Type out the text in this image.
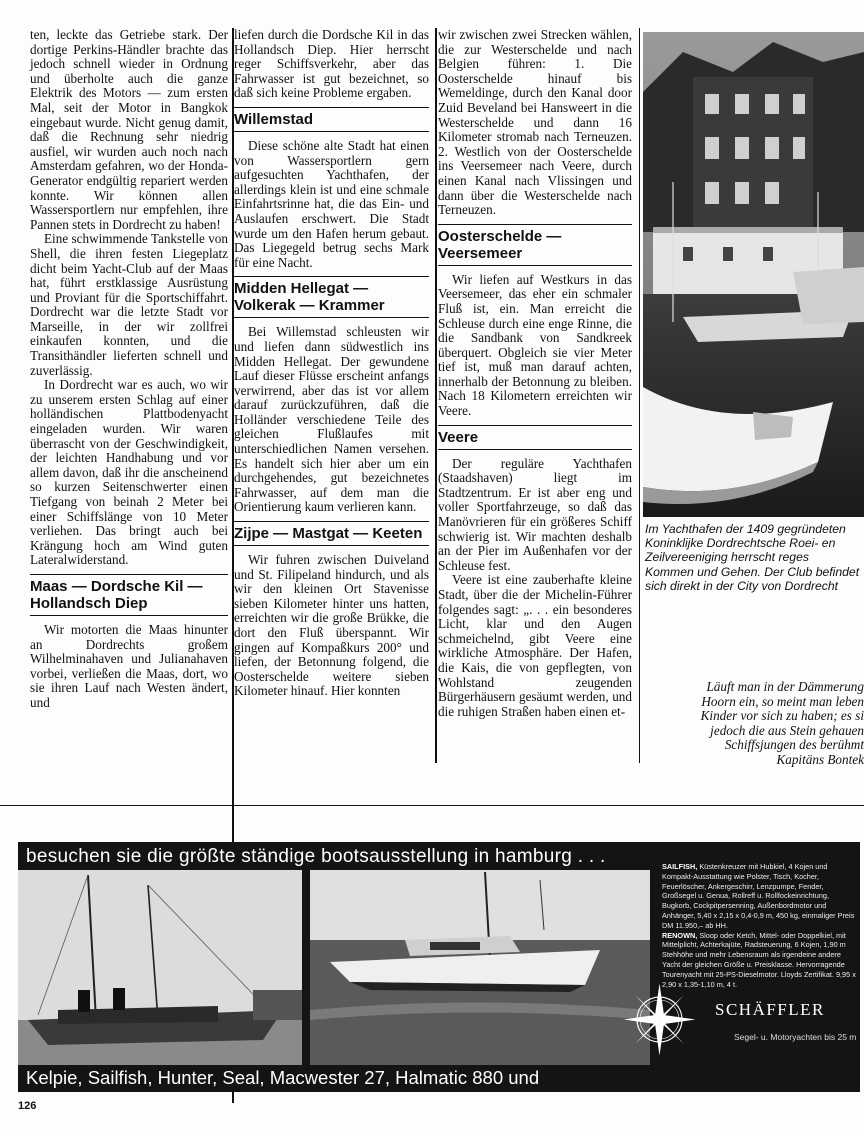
ten, leckte das Getriebe stark. Der dortige Perkins-Händler brachte das jedoch schnell wieder in Ordnung und überholte auch die ganze Elektrik des Motors — zum ersten Mal, seit der Motor in Bangkok eingebaut wurde. Nicht genug damit, daß die Rechnung sehr niedrig ausfiel, wir wurden auch noch nach Amsterdam gefahren, wo der Honda-Generator endgültig repariert werden konnte. Wir können allen Wassersportlern nur empfehlen, ihre Pannen stets in Dordrecht zu haben!

Eine schwimmende Tankstelle von Shell, die ihren festen Liegeplatz dicht beim Yacht-Club auf der Maas hat, führt erstklassige Ausrüstung und Proviant für die Sportschiffahrt. Dordrecht war die letzte Stadt vor Marseille, in der wir zollfrei einkaufen konnten, und die Transithändler lieferten schnell und zuverlässig.

In Dordrecht war es auch, wo wir zu unserem ersten Schlag auf einer holländischen Plattbodenyacht eingeladen wurden. Wir waren überrascht von der Geschwindigkeit, der leichten Handhabung und vor allem davon, daß ihr die anscheinend so kurzen Seitenschwerter einen Tiefgang von beinah 2 Meter bei einer Schiffslänge von 10 Meter verliehen. Das bringt auch bei Krängung hoch am Wind guten Lateralwiderstand.

Maas — Dordsche Kil — Hollandsch Diep

Wir motorten die Maas hinunter an Dordrechts großem Wilhelminahaven und Julianahaven vorbei, verließen die Maas, dort, wo sie ihren Lauf nach Westen ändert, und

liefen durch die Dordsche Kil in das Hollandsch Diep. Hier herrscht reger Schiffsverkehr, aber das Fahrwasser ist gut bezeichnet, so daß sich keine Probleme ergaben.

Willemstad

Diese schöne alte Stadt hat einen von Wassersportlern gern aufgesuchten Yachthafen, der allerdings klein ist und eine schmale Einfahrtsrinne hat, die das Ein- und Auslaufen erschwert. Die Stadt wurde um den Hafen herum gebaut. Das Liegegeld betrug sechs Mark für eine Nacht.

Midden Hellegat — Volkerak — Krammer

Bei Willemstad schleusten wir und liefen dann südwestlich ins Midden Hellegat. Der gewundene Lauf dieser Flüsse erscheint anfangs verwirrend, aber das ist vor allem darauf zurückzuführen, daß die Holländer verschiedene Teile des gleichen Flußlaufes mit unterschiedlichen Namen versehen. Es handelt sich hier aber um ein durchgehendes, gut bezeichnetes Fahrwasser, auf dem man die Orientierung kaum verlieren kann.

Zijpe — Mastgat — Keeten

Wir fuhren zwischen Duiveland und St. Filipeland hindurch, und als wir den kleinen Ort Stavenisse sieben Kilometer hinter uns hatten, erreichten wir die große Brükke, die dort den Fluß überspannt. Wir gingen auf Kompaßkurs 200° und liefen, der Betonnung folgend, die Oosterschelde weitere sieben Kilometer hinauf. Hier konnten

wir zwischen zwei Strecken wählen, die zur Westerschelde und nach Belgien führen: 1. Die Oosterschelde hinauf bis Wemeldinge, durch den Kanal door Zuid Beveland bei Hansweert in die Westerschelde und dann 16 Kilometer stromab nach Terneuzen. 2. Westlich von der Oosterschelde ins Veersemeer nach Veere, durch einen Kanal nach Vlissingen und dann über die Westerschelde nach Terneuzen.

Oosterschelde — Veersemeer

Wir liefen auf Westkurs in das Veersemeer, das eher ein schmaler Fluß ist, ein. Man erreicht die Schleuse durch eine enge Rinne, die die Sandbank von Sandkreek überquert. Obgleich sie vier Meter tief ist, muß man darauf achten, innerhalb der Betonnung zu bleiben. Nach 18 Kilometern erreichten wir Veere.

Veere

Der reguläre Yachthafen (Staadshaven) liegt im Stadtzentrum. Er ist aber eng und voller Sportfahrzeuge, so daß das Manövrieren für ein größeres Schiff schwierig ist. Wir machten deshalb an der Pier im Außenhafen vor der Schleuse fest.

Veere ist eine zauberhafte kleine Stadt, über die der Michelin-Führer folgendes sagt: „. . . ein besonderes Licht, klar und den Augen schmeichelnd, gibt Veere eine wirkliche Atmosphäre. Der Hafen, die Kais, die von gepflegten, von Wohlstand zeugenden Bürgerhäusern gesäumt werden, und die ruhigen Straßen haben einen et-

Im Yachthafen der 1409 gegründeten Koninklijke Dordrechtsche Roei- en Zeilvereeniging herrscht reges Kommen und Gehen. Der Club befindet sich direkt in der City von Dordrecht
Läuft man in der Dämmerung
Hoorn ein, so meint man leben
Kinder vor sich zu haben; es si
jedoch die aus Stein gehauen
Schiffsjungen des berühmt
Kapitäns Bontek
besuchen sie die größte ständige bootsausstellung in hamburg . . .	SAILFISH, Küstenkreuzer mit Hubkiel, 4 Kojen und Kompakt-Ausstattung wie Polster, Tisch, Kocher, Feuerlöscher, Ankergeschirr, Lenzpumpe, Fender, Großsegel u. Genua, Rollreff u. Rollfockeinrichtung, Bugkorb, Cockpitpersenning, Außenbordmotor und Anhänger, 5,40 x 2,15 x 0,4-0,9 m, 450 kg, einmaliger Preis DM 11.950,– ab HH.

RENOWN, Sloop oder Ketch, Mittel- oder Doppelkiel, mit Mittelplicht, Achterkajüte, Radsteuerung, 6 Kojen, 1,90 m Stehhöhe und mehr Lebensraum als irgendeine andere Yacht der gleichen Größe u. Preisklasse. Hervorragende Tourenyacht mit 25-PS-Dieselmotor. Lloyds Zertifikat. 9,95 x 2,90 x 1,35-1,10 m, 4 t.

SCHÄFFLER
Segel- u. Motoryachten bis 25 m
Kelpie, Sailfish, Hunter, Seal, Macwester 27, Halmatic 880 und
126
